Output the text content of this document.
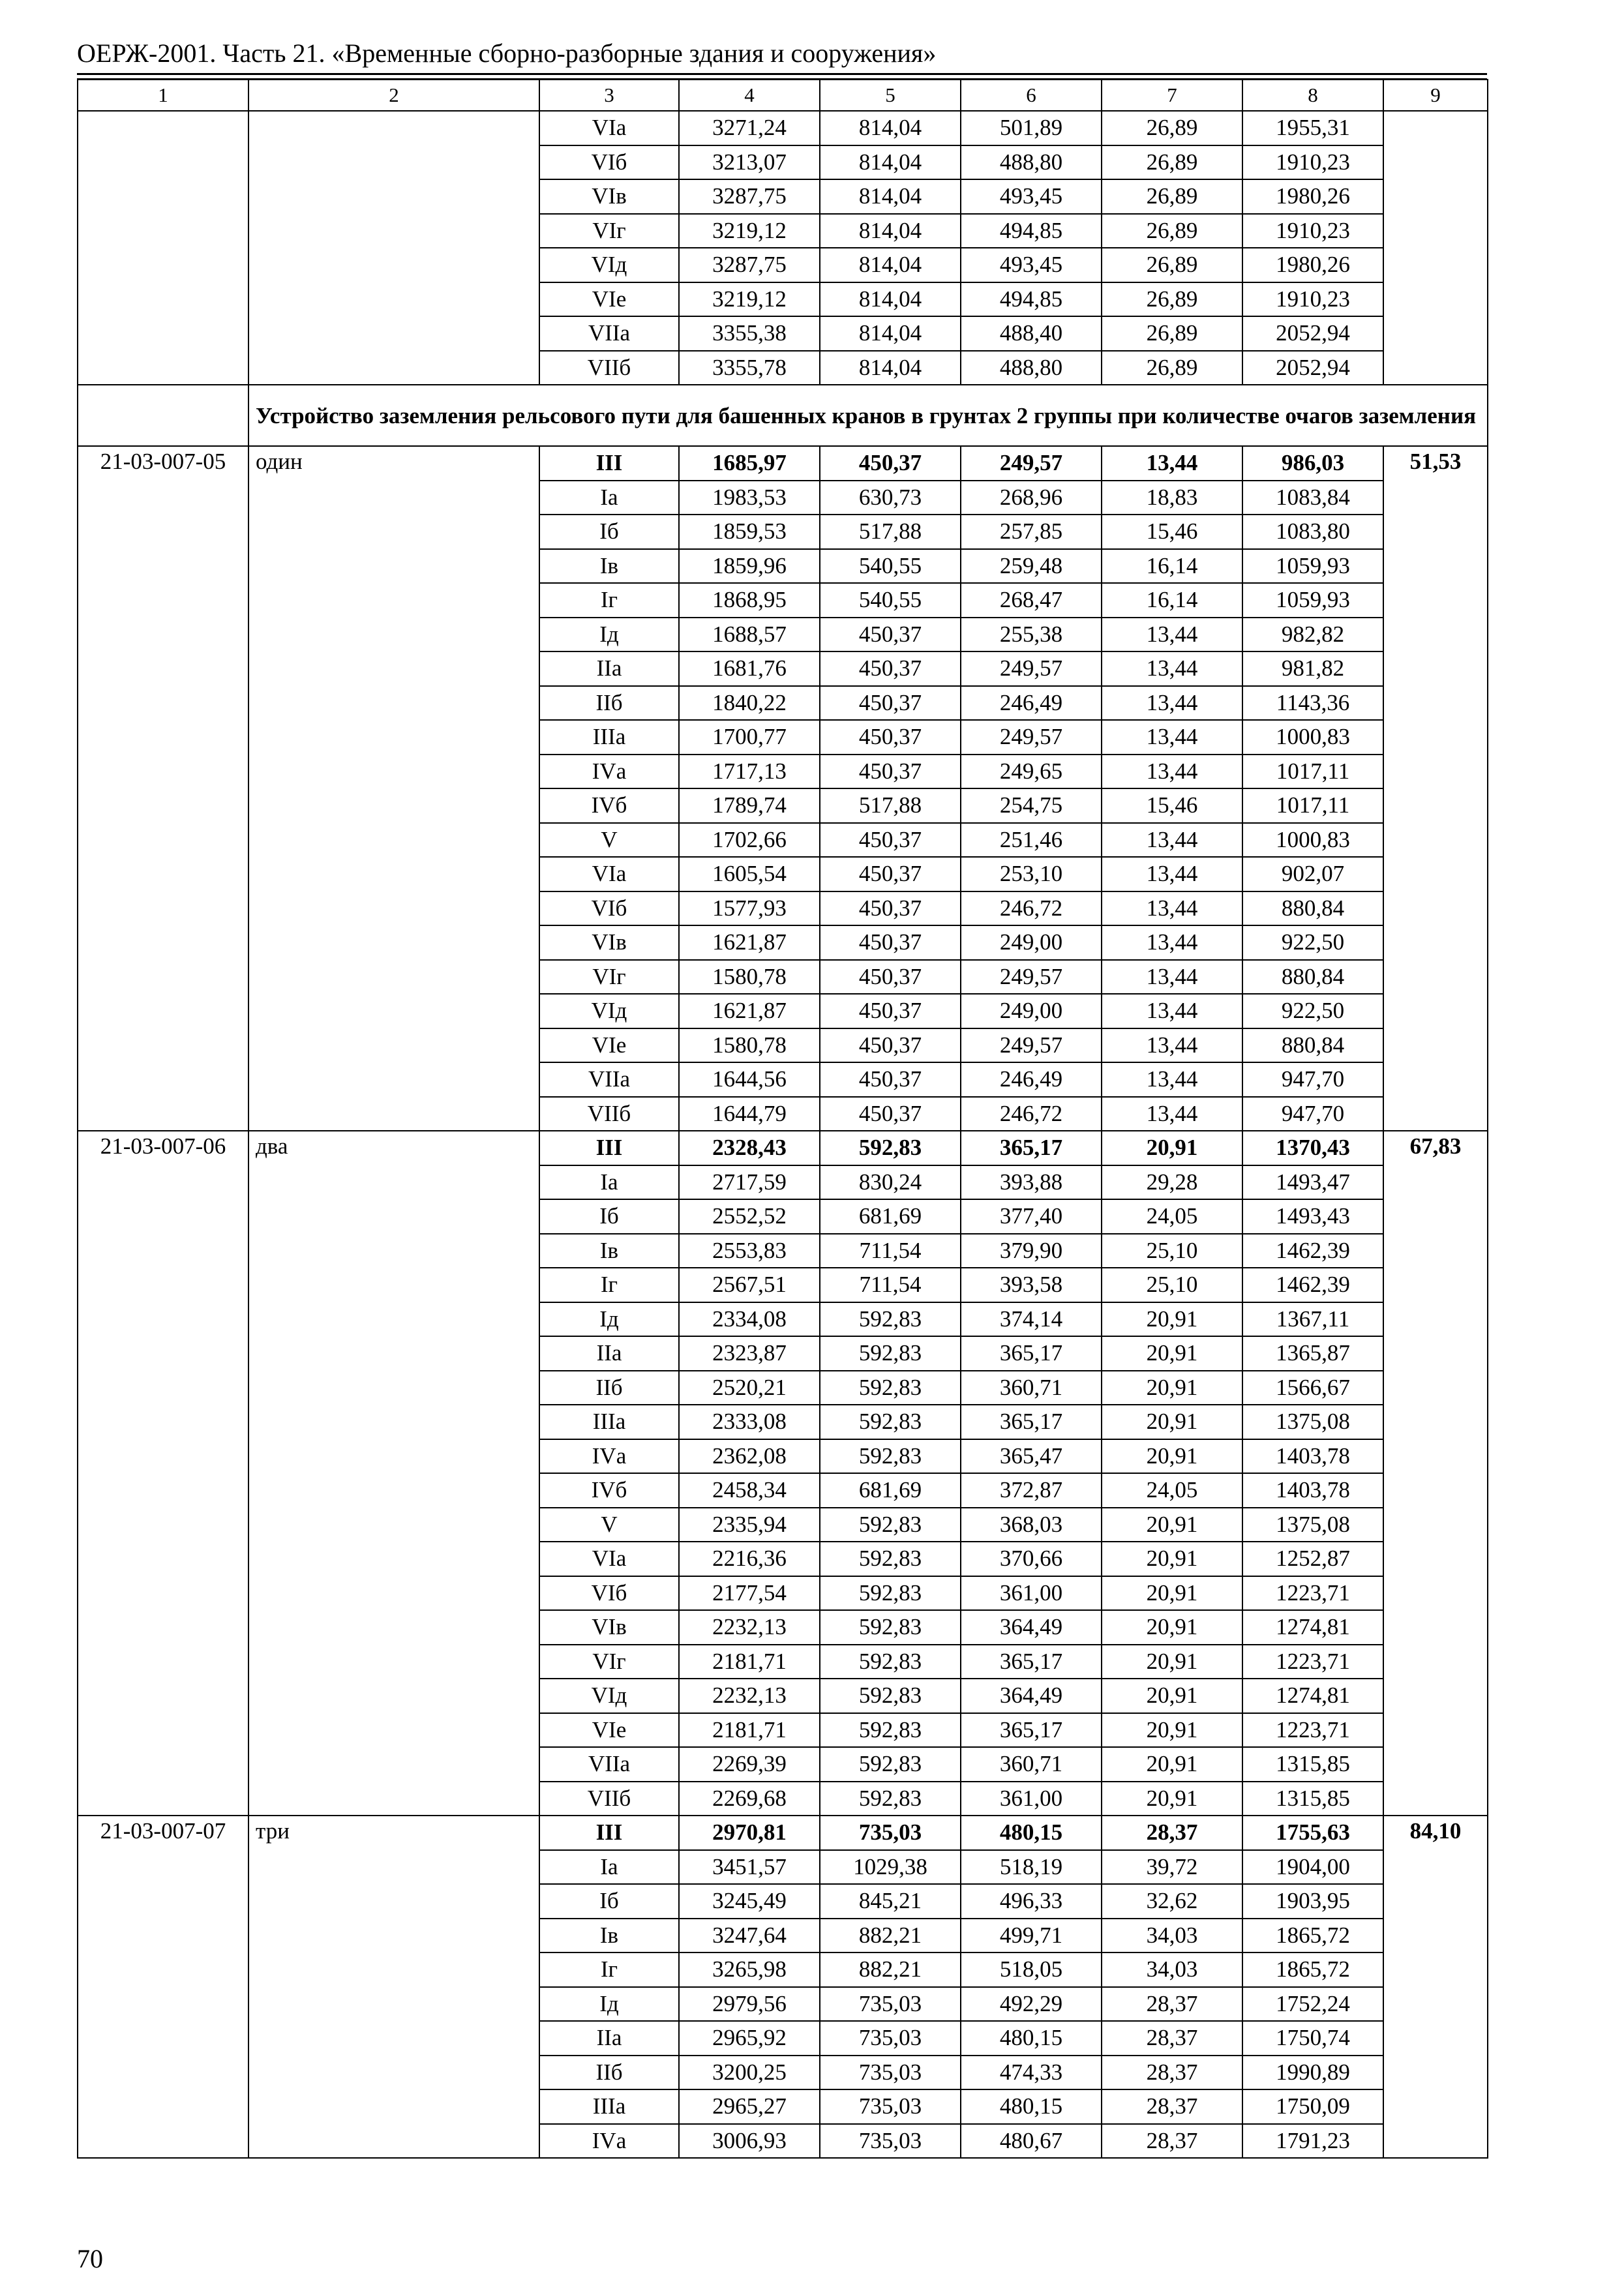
ОЕРЖ-2001. Часть 21. «Временные сборно-разборные здания и сооружения»
1	2	3	4	5	6	7	8	9
		VIа	3271,24	814,04	501,89	26,89	1955,31	
		VIб	3213,07	814,04	488,80	26,89	1910,23	
		VIв	3287,75	814,04	493,45	26,89	1980,26	
		VIг	3219,12	814,04	494,85	26,89	1910,23	
		VIд	3287,75	814,04	493,45	26,89	1980,26	
		VIе	3219,12	814,04	494,85	26,89	1910,23	
		VIIа	3355,38	814,04	488,40	26,89	2052,94	
		VIIб	3355,78	814,04	488,80	26,89	2052,94	
	Устройство заземления рельсового пути для башенных кранов в грунтах 2 группы при количестве очагов заземления							
21-03-007-05	один	III	1685,97	450,37	249,57	13,44	986,03	51,53
		Iа	1983,53	630,73	268,96	18,83	1083,84	
		Iб	1859,53	517,88	257,85	15,46	1083,80	
		Iв	1859,96	540,55	259,48	16,14	1059,93	
		Iг	1868,95	540,55	268,47	16,14	1059,93	
		Iд	1688,57	450,37	255,38	13,44	982,82	
		IIа	1681,76	450,37	249,57	13,44	981,82	
		IIб	1840,22	450,37	246,49	13,44	1143,36	
		IIIа	1700,77	450,37	249,57	13,44	1000,83	
		IVа	1717,13	450,37	249,65	13,44	1017,11	
		IVб	1789,74	517,88	254,75	15,46	1017,11	
		V	1702,66	450,37	251,46	13,44	1000,83	
		VIа	1605,54	450,37	253,10	13,44	902,07	
		VIб	1577,93	450,37	246,72	13,44	880,84	
		VIв	1621,87	450,37	249,00	13,44	922,50	
		VIг	1580,78	450,37	249,57	13,44	880,84	
		VIд	1621,87	450,37	249,00	13,44	922,50	
		VIе	1580,78	450,37	249,57	13,44	880,84	
		VIIа	1644,56	450,37	246,49	13,44	947,70	
		VIIб	1644,79	450,37	246,72	13,44	947,70	
21-03-007-06	два	III	2328,43	592,83	365,17	20,91	1370,43	67,83
		Iа	2717,59	830,24	393,88	29,28	1493,47	
		Iб	2552,52	681,69	377,40	24,05	1493,43	
		Iв	2553,83	711,54	379,90	25,10	1462,39	
		Iг	2567,51	711,54	393,58	25,10	1462,39	
		Iд	2334,08	592,83	374,14	20,91	1367,11	
		IIа	2323,87	592,83	365,17	20,91	1365,87	
		IIб	2520,21	592,83	360,71	20,91	1566,67	
		IIIа	2333,08	592,83	365,17	20,91	1375,08	
		IVа	2362,08	592,83	365,47	20,91	1403,78	
		IVб	2458,34	681,69	372,87	24,05	1403,78	
		V	2335,94	592,83	368,03	20,91	1375,08	
		VIа	2216,36	592,83	370,66	20,91	1252,87	
		VIб	2177,54	592,83	361,00	20,91	1223,71	
		VIв	2232,13	592,83	364,49	20,91	1274,81	
		VIг	2181,71	592,83	365,17	20,91	1223,71	
		VIд	2232,13	592,83	364,49	20,91	1274,81	
		VIе	2181,71	592,83	365,17	20,91	1223,71	
		VIIа	2269,39	592,83	360,71	20,91	1315,85	
		VIIб	2269,68	592,83	361,00	20,91	1315,85	
21-03-007-07	три	III	2970,81	735,03	480,15	28,37	1755,63	84,10
		Iа	3451,57	1029,38	518,19	39,72	1904,00	
		Iб	3245,49	845,21	496,33	32,62	1903,95	
		Iв	3247,64	882,21	499,71	34,03	1865,72	
		Iг	3265,98	882,21	518,05	34,03	1865,72	
		Iд	2979,56	735,03	492,29	28,37	1752,24	
		IIа	2965,92	735,03	480,15	28,37	1750,74	
		IIб	3200,25	735,03	474,33	28,37	1990,89	
		IIIа	2965,27	735,03	480,15	28,37	1750,09	
		IVа	3006,93	735,03	480,67	28,37	1791,23	
70
